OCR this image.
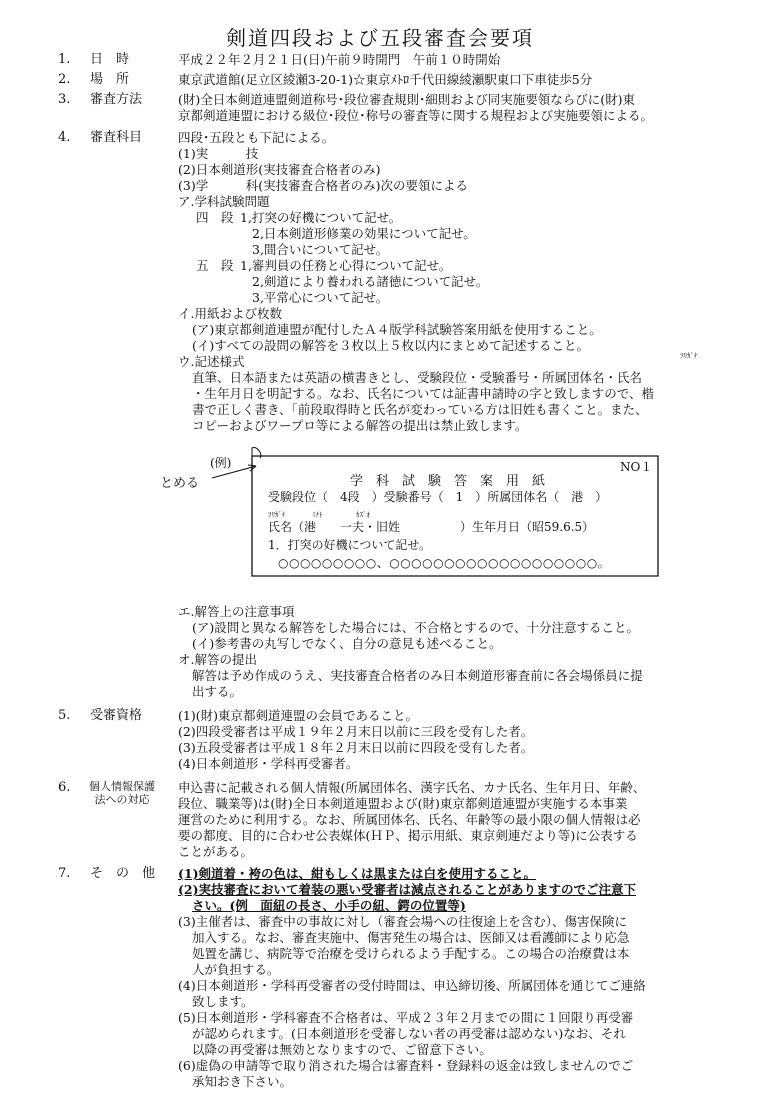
剣道四段および五段審査会要項
1. 日　時	平成２２年２月２１日(日)午前９時開門　午前１０時開始
2. 場　所	東京武道館(足立区綾瀬3-20-1)☆東京ﾒﾄﾛ千代田線綾瀬駅東口下車徒歩5分
3. 審査方法	(財)全日本剣道連盟剣道称号･段位審査規則･細則および同実施要領ならびに(財)東
京都剣道連盟における級位･段位･称号の審査等に関する規程および実施要領による。
4. 審査科目	四段･五段とも下記による。
(1)実　　　技
(2)日本剣道形(実技審査合格者のみ)
(3)学　　　科(実技審査合格者のみ)次の要領による
ア.学科試験問題
四　段 1,打突の好機について記せ。
2,日本剣道形修業の効果について記せ。
3,間合いについて記せ。
五　段 1,審判員の任務と心得について記せ。
2,剣道により養われる諸徳について記せ。
3,平常心について記せ。
イ.用紙および枚数
(ア)東京都剣道連盟が配付したＡ４版学科試験答案用紙を使用すること。
(イ)すべての設問の解答を３枚以上５枚以内にまとめて記述すること。
ウ.記述様式	ﾌﾘｶﾞﾅ
直筆、日本語または英語の横書きとし、受験段位・受験番号・所属団体名・氏名
・生年月日を明記する。なお、氏名については証書申請時の字と致しますので、楷
書で正しく書き、「前段取得時と氏名が変わっている方は旧姓も書くこと。また、
コピーおよびワープロ等による解答の提出は禁止致します。
(例)
とめる
NO１
学　科　試　験　答　案　用　紙
受験段位（　4段　）受験番号（　1　）所属団体名（　港　）
ﾌﾘｶﾞﾅ	ﾐﾅﾄ	ｶｽﾞｵ
氏名（港　　一夫・旧姓　　　　　）生年月日（昭59.6.5）
1．打突の好機について記せ。
○○○○○○○○○、○○○○○○○○○○○○○○○○○○○。
エ.解答上の注意事項
(ア)設問と異なる解答をした場合には、不合格とするので、十分注意すること。
(イ)参考書の丸写しでなく、自分の意見も述べること。
オ.解答の提出
解答は予め作成のうえ、実技審査合格者のみ日本剣道形審査前に各会場係員に提
出する。
5. 受審資格	(1)(財)東京都剣道連盟の会員であること。
(2)四段受審者は平成１９年２月末日以前に三段を受有した者。
(3)五段受審者は平成１８年２月末日以前に四段を受有した者。
(4)日本剣道形・学科再受審者。
6. 個人情報保護
法への対応
申込書に記載される個人情報(所属団体名、漢字氏名、カナ氏名、生年月日、年齢、
段位、職業等)は(財)全日本剣道連盟および(財)東京都剣道連盟が実施する本事業
運営のために利用する。なお、所属団体名、氏名、年齢等の最小限の個人情報は必
要の都度、目的に合わせ公表媒体(ＨＰ、掲示用紙、東京剣連だより等)に公表する
ことがある。
7. そ　の　他	(1)剣道着・袴の色は、紺もしくは黒または白を使用すること。
(2)実技審査において着装の悪い受審者は減点されることがありますのでご注意下
さい。(例　面紐の長さ、小手の紐、鍔の位置等)
(3)主催者は、審査中の事故に対し（審査会場への往復途上を含む）、傷害保険に
加入する。なお、審査実施中、傷害発生の場合は、医師又は看護師により応急
処置を講じ、病院等で治療を受けられるよう手配する。この場合の治療費は本
人が負担する。
(4)日本剣道形・学科再受審者の受付時間は、申込締切後、所属団体を通じてご連絡
致します。
(5)日本剣道形・学科審査不合格者は、平成２３年２月までの間に１回限り再受審
が認められます。(日本剣道形を受審しない者の再受審は認めない)なお、それ
以降の再受審は無効となりますので、ご留意下さい。
(6)虚偽の申請等で取り消された場合は審査料・登録料の返金は致しませんのでご
承知おき下さい。
